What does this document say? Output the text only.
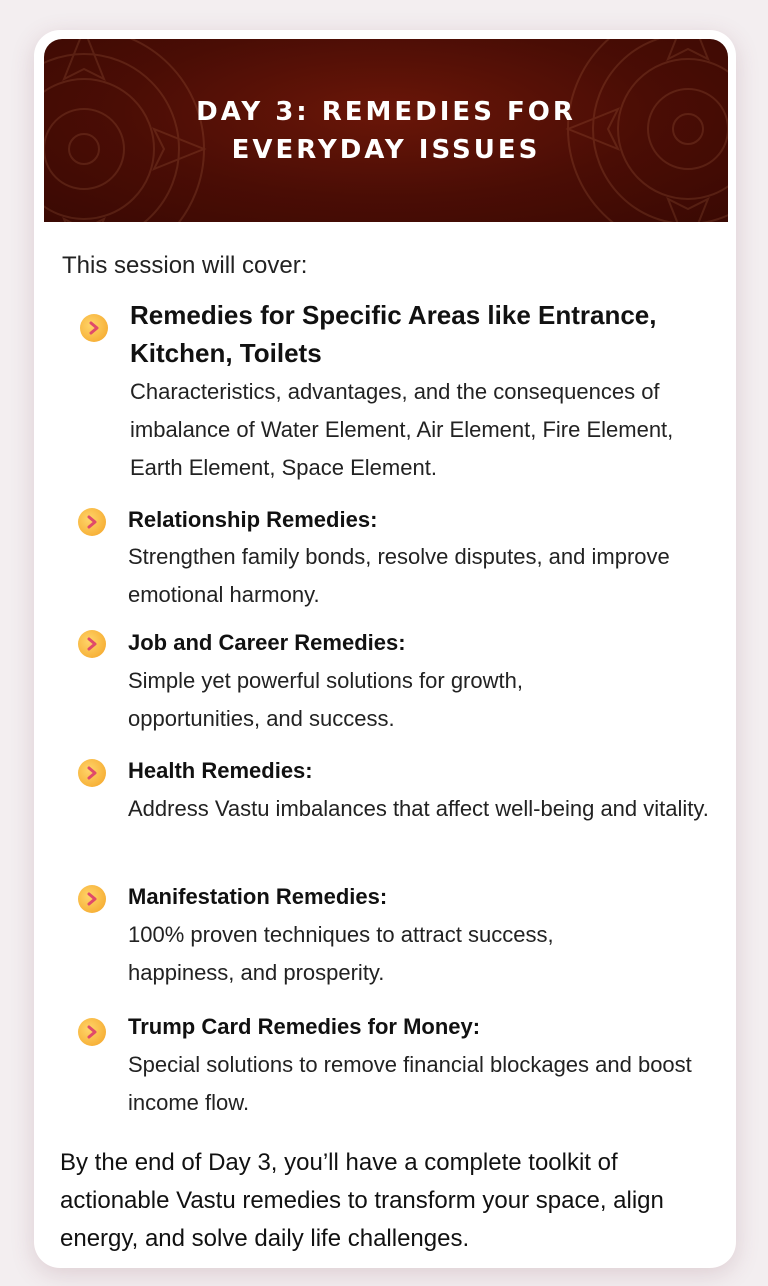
DAY 3: REMEDIES FOR EVERYDAY ISSUES
This session will cover:
Remedies for Specific Areas like Entrance, Kitchen, Toilets
Characteristics, advantages, and the consequences of imbalance of Water Element, Air Element, Fire Element, Earth Element, Space Element.
Relationship Remedies:
Strengthen family bonds, resolve disputes, and improve emotional harmony.
Job and Career Remedies:
Simple yet powerful solutions for growth, opportunities, and success.
Health Remedies:
Address Vastu imbalances that affect well-being and vitality.
Manifestation Remedies:
100% proven techniques to attract success, happiness, and prosperity.
Trump Card Remedies for Money:
Special solutions to remove financial blockages and boost income flow.
By the end of Day 3, you’ll have a complete toolkit of actionable Vastu remedies to transform your space, align energy, and solve daily life challenges.
